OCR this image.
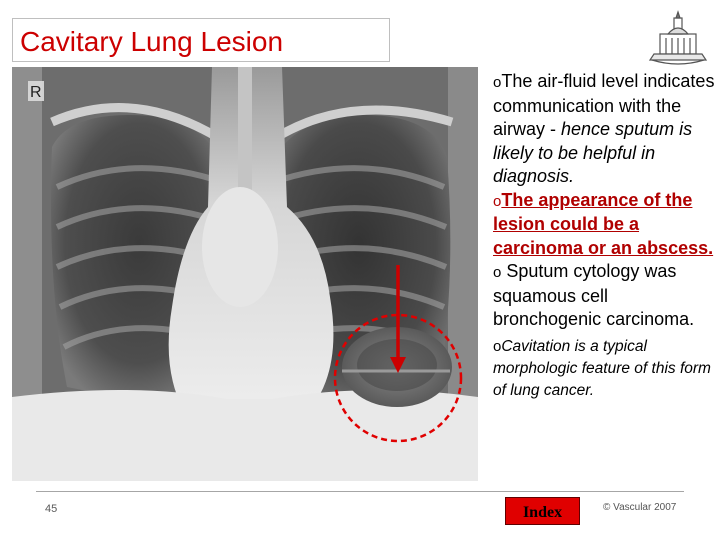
Cavitary Lung Lesion
R

oThe air-fluid level indicates communication with the airway - hence sputum is likely to be helpful in diagnosis.

oThe appearance of the lesion could be a carcinoma or an abscess.

o Sputum cytology was squamous cell bronchogenic carcinoma.

oCavitation is a typical morphologic feature of this form of lung cancer.

45	Index	© Vascular 2007
